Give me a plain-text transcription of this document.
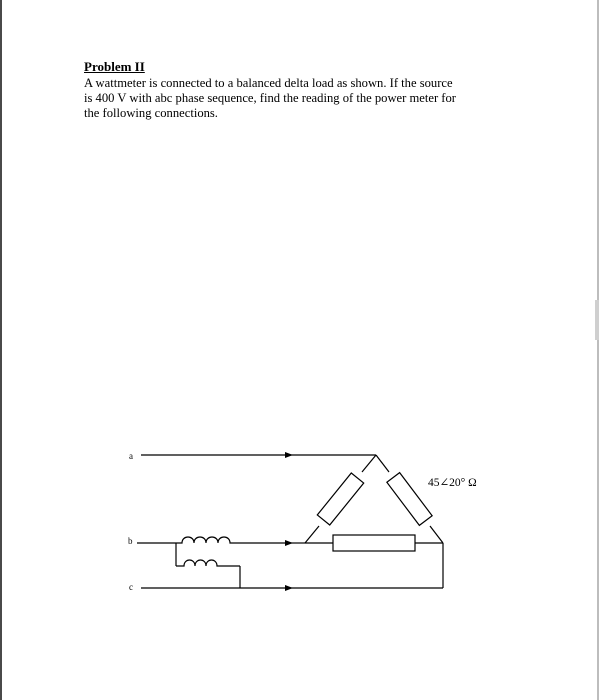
Problem II
A wattmeter is connected to a balanced delta load as shown. If the source
is 400 V with abc phase sequence, find the reading of the power meter for
the following connections.
a
b
c
45∠20° Ω
